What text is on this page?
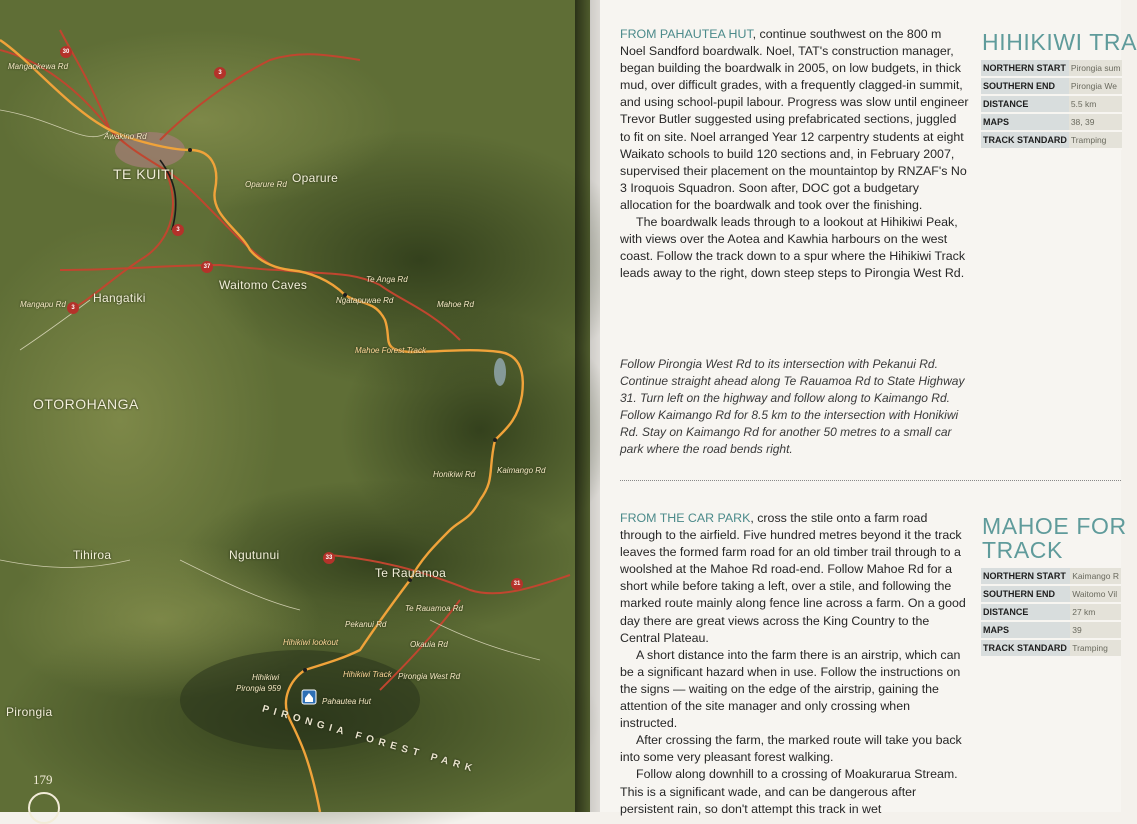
TE KUITI
OTOROHANGA
Oparure
Waitomo Caves
Hangatiki
Tihiroa	Ngutunui
Te Rauamoa
Pirongia
Mangaokewa Rd
Awakino Rd
Oparure Rd
Te Anga Rd
Ngatapuwae Rd	Mahoe Rd
Honikiwi Rd	Kaimango Rd
Te Rauamoa Rd
Pekanui Rd
Okauia Rd
Pirongia West Rd
Mangapu Rd
Mahoe Forest Track
Hihikiwi Track
Hihikiwi lookout
Pirongia 959
Hihikiwi
Pahautea Hut
PIRONGIA FOREST PARK
30
3
37
3
33
31
3
179

FROM PAHAUTEA HUT, continue southwest on the 800 m Noel Sandford boardwalk. Noel, TAT's construction manager, began building the boardwalk in 2005, on low budgets, in thick mud, over difficult grades, with a frequently clagged-in summit, and using school-pupil labour. Progress was slow until engineer Trevor Butler suggested using prefabricated sections, juggled to fit on site. Noel arranged Year 12 carpentry students at eight Waikato schools to build 120 sections and, in February 2007, supervised their placement on the mountaintop by RNZAF's No 3 Iroquois Squadron. Soon after, DOC got a budgetary allocation for the boardwalk and took over the finishing.

The boardwalk leads through to a lookout at Hihikiwi Peak, with views over the Aotea and Kawhia harbours on the west coast. Follow the track down to a spur where the Hihikiwi Track leads away to the right, down steep steps to Pirongia West Rd.

Follow Pirongia West Rd to its intersection with Pekanui Rd. Continue straight ahead along Te Rauamoa Rd to State Highway 31. Turn left on the highway and follow along to Kaimango Rd. Follow Kaimango Rd for 8.5 km to the intersection with Honikiwi Rd. Stay on Kaimango Rd for another 50 metres to a small car park where the road bends right.

FROM THE CAR PARK, cross the stile onto a farm road through to the airfield. Five hundred metres beyond it the track leaves the formed farm road for an old timber trail through to a woolshed at the Mahoe Rd road-end. Follow Mahoe Rd for a short while before taking a left, over a stile, and following the marked route mainly along fence line across a farm. On a good day there are great views across the King Country to the Central Plateau.

A short distance into the farm there is an airstrip, which can be a significant hazard when in use. Follow the instructions on the signs — waiting on the edge of the airstrip, gaining the attention of the site manager and only crossing when instructed.

After crossing the farm, the marked route will take you back into some very pleasant forest walking.

Follow along downhill to a crossing of Moakurarua Stream. This is a significant wade, and can be dangerous after persistent rain, so don't attempt this track in wet

HIHIKIWI TRA
NORTHERN START	Pirongia sum
SOUTHERN END	Pirongia We
DISTANCE	5.5 km
MAPS	38, 39
TRACK STANDARD	Tramping
MAHOE FOR
TRACK
NORTHERN START	Kaimango R
SOUTHERN END	Waitomo Vil
DISTANCE	27 km
MAPS	39
TRACK STANDARD	Tramping
